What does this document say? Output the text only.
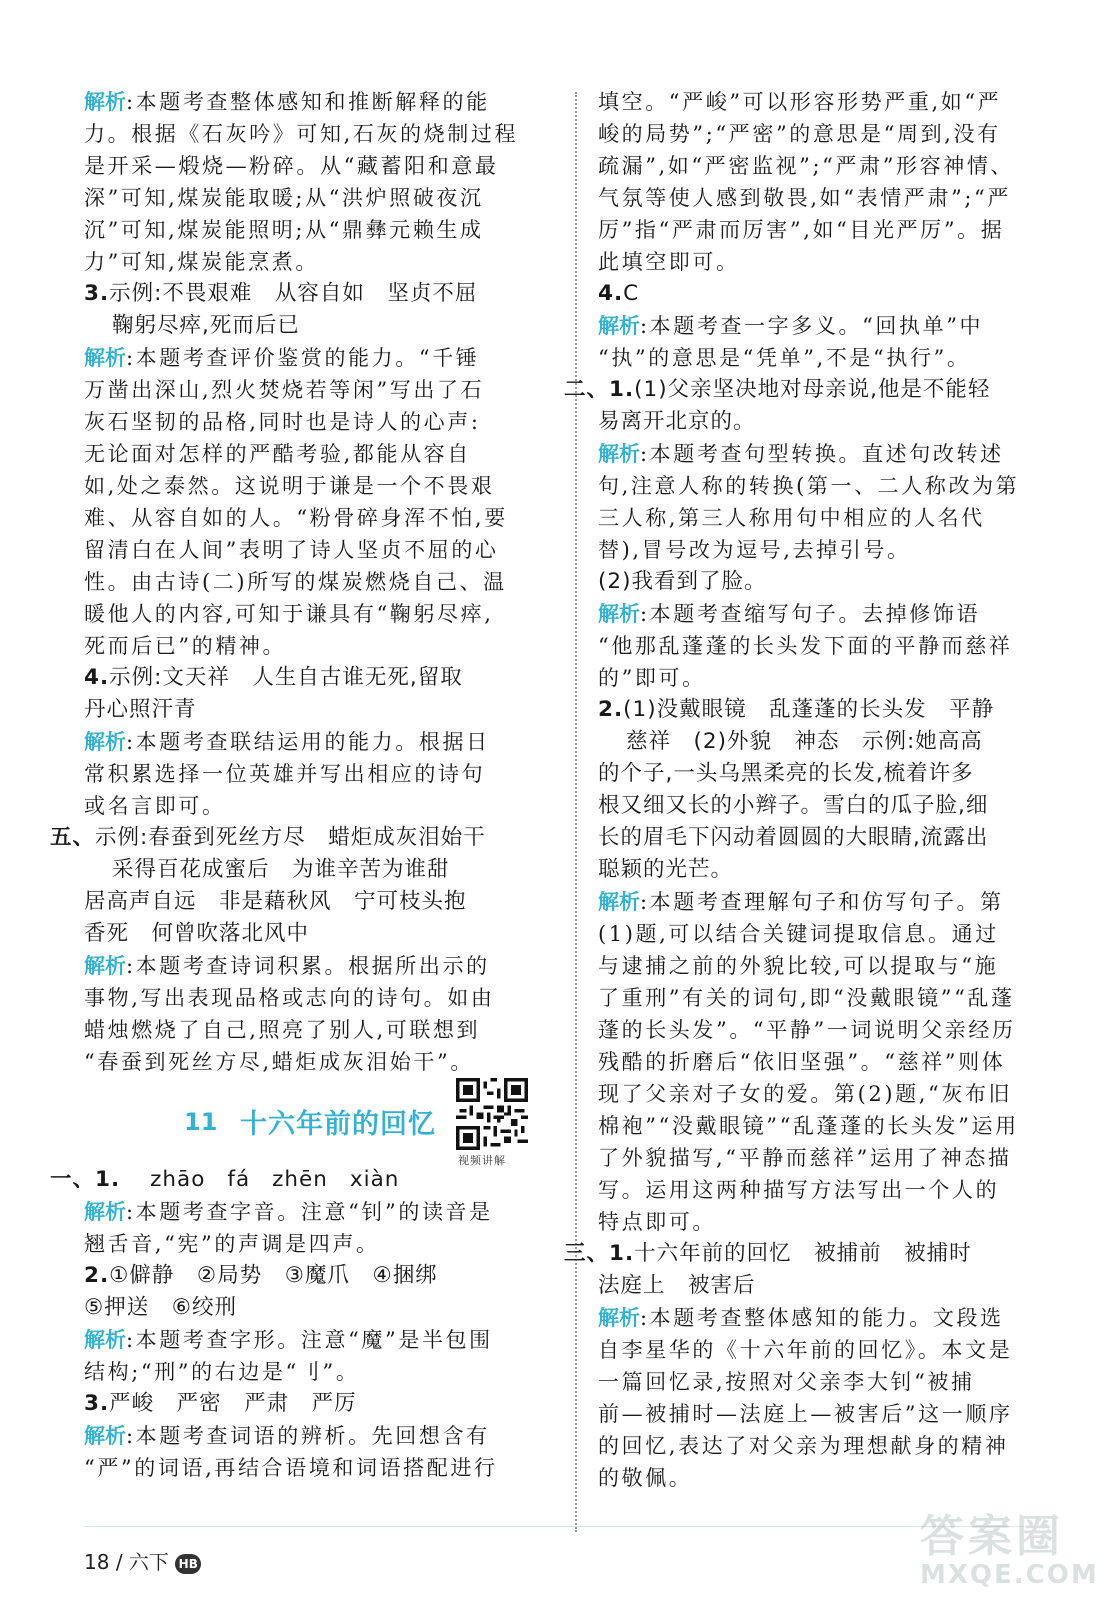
解析:本题考查整体感知和推断解释的能
力。根据《石灰吟》可知,石灰的烧制过程
是开采—煅烧—粉碎。从“藏蓄阳和意最
深”可知,煤炭能取暖;从“洪炉照破夜沉
沉”可知,煤炭能照明;从“鼎彝元赖生成
力”可知,煤炭能烹煮。
3.示例:不畏艰难　从容自如　坚贞不屈
鞠躬尽瘁,死而后已
解析:本题考查评价鉴赏的能力。“千锤
万凿出深山,烈火焚烧若等闲”写出了石
灰石坚韧的品格,同时也是诗人的心声:
无论面对怎样的严酷考验,都能从容自
如,处之泰然。这说明于谦是一个不畏艰
难、从容自如的人。“粉骨碎身浑不怕,要
留清白在人间”表明了诗人坚贞不屈的心
性。由古诗(二)所写的煤炭燃烧自己、温
暖他人的内容,可知于谦具有“鞠躬尽瘁,
死而后已”的精神。
4.示例:文天祥　人生自古谁无死,留取
丹心照汗青
解析:本题考查联结运用的能力。根据日
常积累选择一位英雄并写出相应的诗句
或名言即可。
五、示例:春蚕到死丝方尽　蜡炬成灰泪始干
采得百花成蜜后　为谁辛苦为谁甜
居高声自远　非是藉秋风　宁可枝头抱
香死　何曾吹落北风中
解析:本题考查诗词积累。根据所出示的
事物,写出表现品格或志向的诗句。如由
蜡烛燃烧了自己,照亮了别人,可联想到
“春蚕到死丝方尽,蜡炬成灰泪始干”。
11 十六年前的回忆
视频讲解
一、1. zhāo fá zhēn xiàn
解析:本题考查字音。注意“钊”的读音是
翘舌音,“宪”的声调是四声。
2.①僻静　②局势　③魔爪　④捆绑
⑤押送　⑥绞刑
解析:本题考查字形。注意“魔”是半包围
结构;“刑”的右边是“刂”。
3.严峻　严密　严肃　严厉
解析:本题考查词语的辨析。先回想含有
“严”的词语,再结合语境和词语搭配进行
填空。“严峻”可以形容形势严重,如“严
峻的局势”;“严密”的意思是“周到,没有
疏漏”,如“严密监视”;“严肃”形容神情、
气氛等使人感到敬畏,如“表情严肃”;“严
厉”指“严肃而厉害”,如“目光严厉”。据
此填空即可。
4.C
解析:本题考查一字多义。“回执单”中
“执”的意思是“凭单”,不是“执行”。
二、1.(1)父亲坚决地对母亲说,他是不能轻
易离开北京的。
解析:本题考查句型转换。直述句改转述
句,注意人称的转换(第一、二人称改为第
三人称,第三人称用句中相应的人名代
替),冒号改为逗号,去掉引号。
(2)我看到了脸。
解析:本题考查缩写句子。去掉修饰语
“他那乱蓬蓬的长头发下面的平静而慈祥
的”即可。
2.(1)没戴眼镜　乱蓬蓬的长头发　平静
慈祥　(2)外貌　神态　示例:她高高
的个子,一头乌黑柔亮的长发,梳着许多
根又细又长的小辫子。雪白的瓜子脸,细
长的眉毛下闪动着圆圆的大眼睛,流露出
聪颖的光芒。
解析:本题考查理解句子和仿写句子。第
(1)题,可以结合关键词提取信息。通过
与逮捕之前的外貌比较,可以提取与“施
了重刑”有关的词句,即“没戴眼镜”“乱蓬
蓬的长头发”。“平静”一词说明父亲经历
残酷的折磨后“依旧坚强”。“慈祥”则体
现了父亲对子女的爱。第(2)题,“灰布旧
棉袍”“没戴眼镜”“乱蓬蓬的长头发”运用
了外貌描写,“平静而慈祥”运用了神态描
写。运用这两种描写方法写出一个人的
特点即可。
三、1.十六年前的回忆　被捕前　被捕时
法庭上　被害后
解析:本题考查整体感知的能力。文段选
自李星华的《十六年前的回忆》。本文是
一篇回忆录,按照对父亲李大钊“被捕
前—被捕时—法庭上—被害后”这一顺序
的回忆,表达了对父亲为理想献身的精神
的敬佩。
18 / 六下 HB
答案圈
MXQE.COM
